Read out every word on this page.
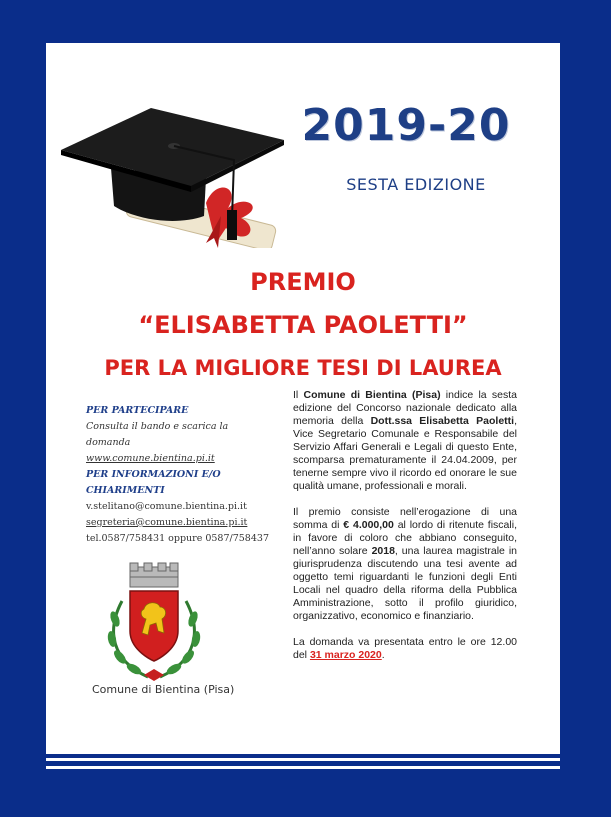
2019-20
SESTA EDIZIONE
PREMIO
“ELISABETTA PAOLETTI”
PER LA MIGLIORE TESI DI LAUREA
PER PARTECIPARE
Consulta il bando e scarica la
domanda
www.comune.bientina.pi.it
PER INFORMAZIONI E/O CHIARIMENTI
v.stelitano@comune.bientina.pi.it
segreteria@comune.bientina.pi.it
tel.0587/758431 oppure 0587/758437
Comune di Bientina (Pisa)

Il Comune di Bientina (Pisa) indice la sesta edizione del Concorso nazionale dedicato alla memoria della Dott.ssa Elisabetta Paoletti, Vice Segretario Comunale e Responsabile del Servizio Affari Generali e Legali di questo Ente, scomparsa prematuramente il 24.04.2009, per tenerne sempre vivo il ricordo ed onorare le sue qualità umane, professionali e morali.

Il premio consiste nell’erogazione di una somma di € 4.000,00 al lordo di ritenute fiscali, in favore di coloro che abbiano conseguito, nell’anno solare 2018, una laurea magistrale in giurisprudenza discutendo una tesi avente ad oggetto temi riguardanti le funzioni degli Enti Locali nel quadro della riforma della Pubblica Amministrazione, sotto il profilo giuridico, organizzativo, economico e finanziario.

La domanda va presentata entro le ore 12.00 del 31 marzo 2020.
